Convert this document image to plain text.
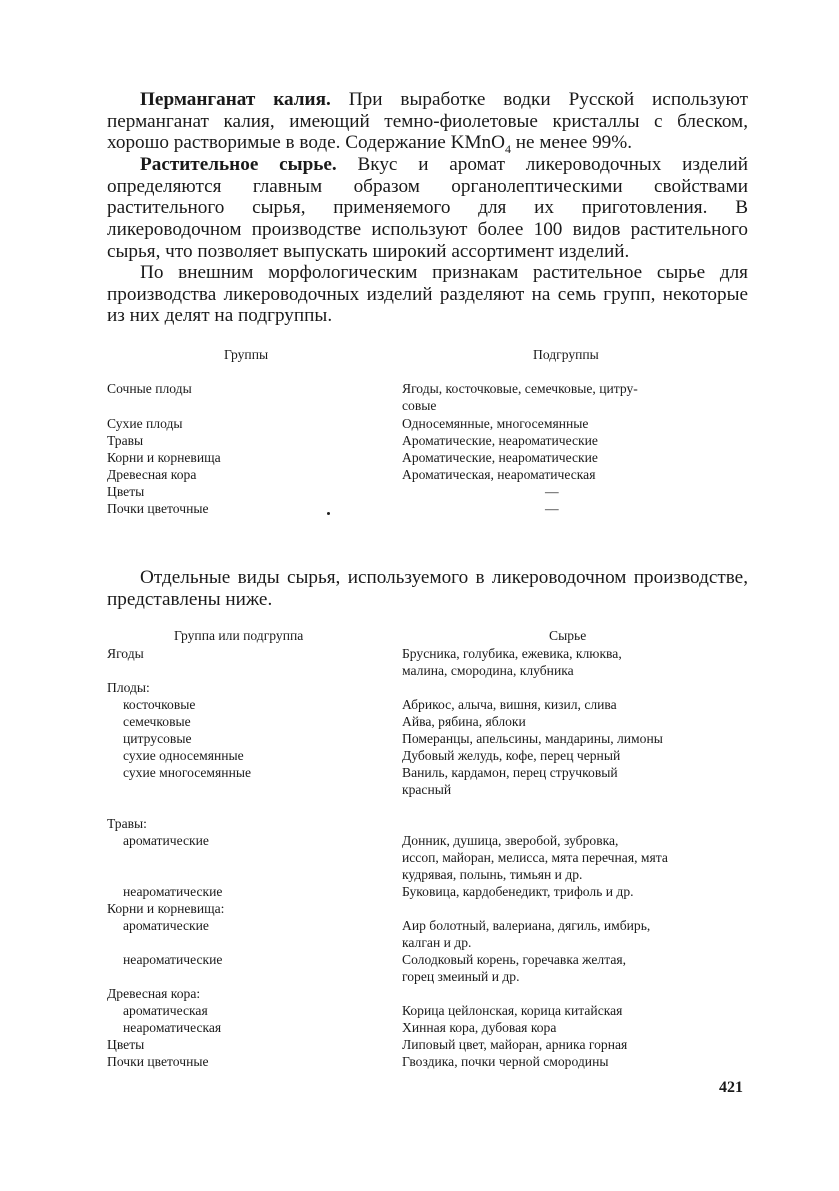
Перманганат калия. При выработке водки Русской используют перманганат калия, имеющий темно-фиолетовые кристаллы с блеском, хорошо растворимые в воде. Содержание KMnO$_4$ не менее 99%.

Растительное сырье. Вкус и аромат ликероводочных изделий определяются главным образом органолептическими свойствами растительного сырья, применяемого для их приготовления. В ликероводочном производстве используют более 100 видов растительного сырья, что позволяет выпускать широкий ассортимент изделий.

По внешним морфологическим признакам растительное сырье для производства ликероводочных изделий разделяют на семь групп, некоторые из них делят на подгруппы.

Группы	Подгруппы
Сочные плоды	Ягоды, косточковые, семечковые, цитру-
совые
Сухие плоды	Односемянные, многосемянные
Травы	Ароматические, неароматические
Корни и корневища	Ароматические, неароматические
Древесная кора	Ароматическая, неароматическая
Цветы	—
Почки цветочные	—

Отдельные виды сырья, используемого в ликероводочном производстве, представлены ниже.

Группа или подгруппа	Сырье
Ягоды	Брусника, голубика, ежевика, клюква,
малина, смородина, клубника
Плоды:
косточковые	Абрикос, алыча, вишня, кизил, слива
семечковые	Айва, рябина, яблоки
цитрусовые	Померанцы, апельсины, мандарины, лимоны
сухие односемянные	Дубовый желудь, кофе, перец черный
сухие многосемянные	Ваниль, кардамон, перец стручковый
красный
Травы:
ароматические	Донник, душица, зверобой, зубровка,
иссоп, майоран, мелисса, мята перечная, мята
кудрявая, полынь, тимьян и др.
неароматические	Буковица, кардобенедикт, трифоль и др.
Корни и корневища:
ароматические	Аир болотный, валериана, дягиль, имбирь,
калган и др.
неароматические	Солодковый корень, горечавка желтая,
горец змеиный и др.
Древесная кора:
ароматическая	Корица цейлонская, корица китайская
неароматическая	Хинная кора, дубовая кора
Цветы	Липовый цвет, майоран, арника горная
Почки цветочные	Гвоздика, почки черной смородины
421
